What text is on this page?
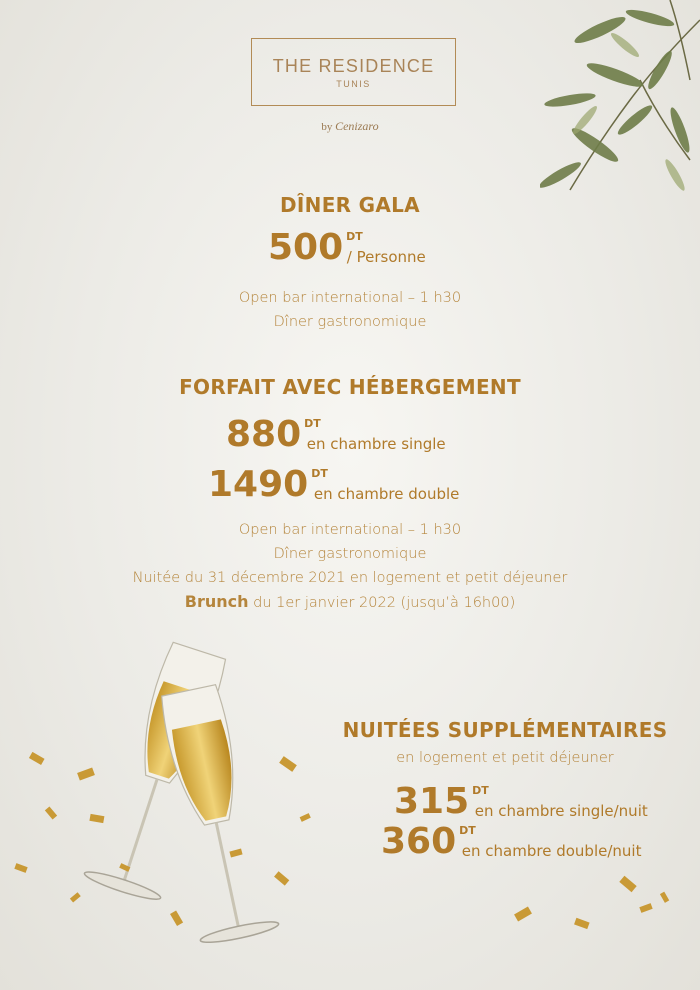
THE RESIDENCE
TUNIS
by Cenizaro
DÎNER GALA
500 DT/ Personne
Open bar international – 1 h30
Dîner gastronomique
FORFAIT AVEC HÉBERGEMENT
880 DTen chambre single
1490 DTen chambre double
Open bar international – 1 h30
Dîner gastronomique
Nuitée du 31 décembre 2021 en logement et petit déjeuner
Brunch du 1er janvier 2022 (jusqu’à 16h00)
NUITÉES SUPPLÉMENTAIRES
en logement et petit déjeuner
315 DTen chambre single/nuit
360 DTen chambre double/nuit
